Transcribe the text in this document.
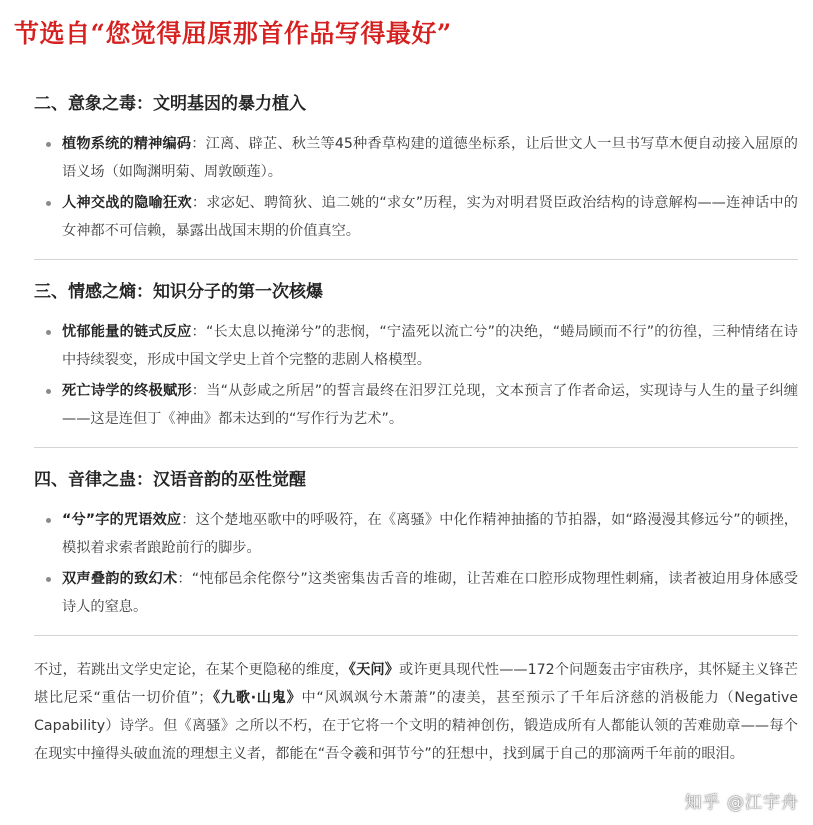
节选自“您觉得屈原那首作品写得最好”
二、意象之毒：文明基因的暴力植入
植物系统的精神编码：江离、辟芷、秋兰等45种香草构建的道德坐标系，让后世文人一旦书写草木便自动接入屈原的语义场（如陶渊明菊、周敦颐莲）。
人神交战的隐喻狂欢：求宓妃、聘简狄、追二姚的“求女”历程，实为对明君贤臣政治结构的诗意解构——连神话中的女神都不可信赖，暴露出战国末期的价值真空。
三、情感之熵：知识分子的第一次核爆
忧郁能量的链式反应：“长太息以掩涕兮”的悲悯，“宁溘死以流亡兮”的决绝，“蜷局顾而不行”的彷徨，三种情绪在诗中持续裂变，形成中国文学史上首个完整的悲剧人格模型。
死亡诗学的终极赋形：当“从彭咸之所居”的誓言最终在汨罗江兑现，文本预言了作者命运，实现诗与人生的量子纠缠——这是连但丁《神曲》都未达到的“写作行为艺术”。
四、音律之蛊：汉语音韵的巫性觉醒
“兮”字的咒语效应：这个楚地巫歌中的呼吸符，在《离骚》中化作精神抽搐的节拍器，如“路漫漫其修远兮”的顿挫，模拟着求索者踉跄前行的脚步。
双声叠韵的致幻术：“忳郁邑余侘傺兮”这类密集齿舌音的堆砌，让苦难在口腔形成物理性刺痛，读者被迫用身体感受诗人的窒息。

不过，若跳出文学史定论，在某个更隐秘的维度，《天问》或许更具现代性——172个问题轰击宇宙秩序，其怀疑主义锋芒堪比尼采“重估一切价值”；《九歌·山鬼》中“风飒飒兮木萧萧”的凄美，甚至预示了千年后济慈的消极能力（Negative Capability）诗学。但《离骚》之所以不朽，在于它将一个文明的精神创伤，锻造成所有人都能认领的苦难勋章——每个在现实中撞得头破血流的理想主义者，都能在“吾令羲和弭节兮”的狂想中，找到属于自己的那滴两千年前的眼泪。

知乎 @江宇舟
